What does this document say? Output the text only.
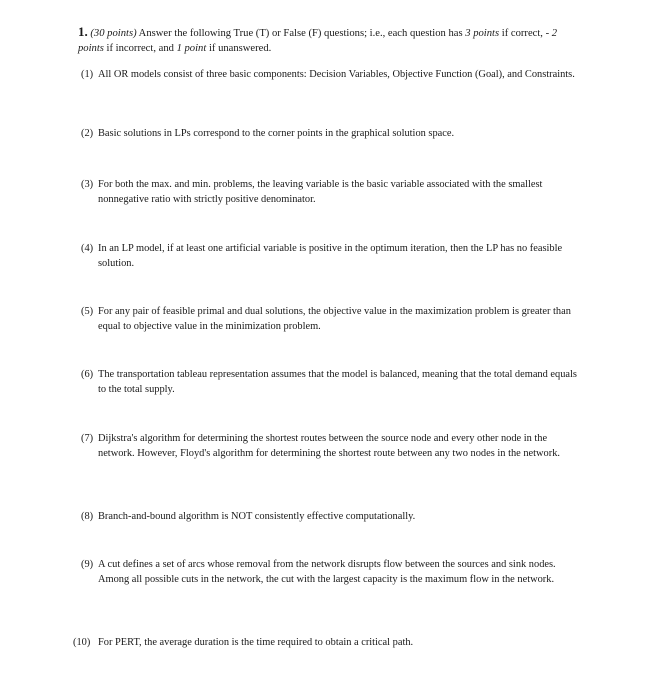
1. (30 points) Answer the following True (T) or False (F) questions; i.e., each question has 3 points if correct, - 2 points if incorrect, and 1 point if unanswered.
(1) All OR models consist of three basic components: Decision Variables, Objective Function (Goal), and Constraints.
(2) Basic solutions in LPs correspond to the corner points in the graphical solution space.
(3) For both the max. and min. problems, the leaving variable is the basic variable associated with the smallest nonnegative ratio with strictly positive denominator.
(4) In an LP model, if at least one artificial variable is positive in the optimum iteration, then the LP has no feasible solution.
(5) For any pair of feasible primal and dual solutions, the objective value in the maximization problem is greater than equal to objective value in the minimization problem.
(6) The transportation tableau representation assumes that the model is balanced, meaning that the total demand equals to the total supply.
(7) Dijkstra's algorithm for determining the shortest routes between the source node and every other node in the network. However, Floyd's algorithm for determining the shortest route between any two nodes in the network.
(8) Branch-and-bound algorithm is NOT consistently effective computationally.
(9) A cut defines a set of arcs whose removal from the network disrupts flow between the sources and sink nodes. Among all possible cuts in the network, the cut with the largest capacity is the maximum flow in the network.
(10) For PERT, the average duration is the time required to obtain a critical path.
